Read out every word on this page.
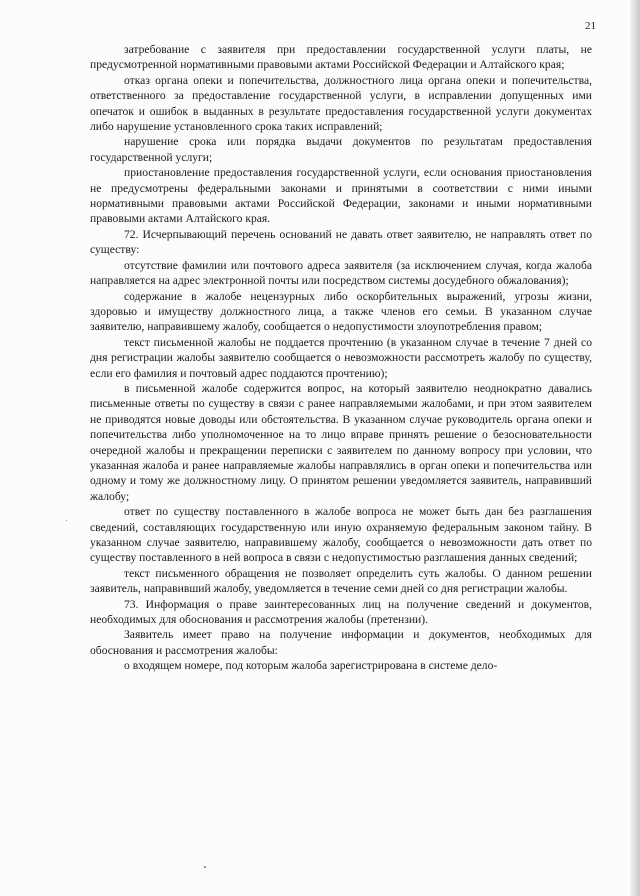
21

затребование с заявителя при предоставлении государственной услуги платы, не предусмотренной нормативными правовыми актами Российской Федерации и Алтайского края;

отказ органа опеки и попечительства, должностного лица органа опеки и попечительства, ответственного за предоставление государственной услуги, в исправлении допущенных ими опечаток и ошибок в выданных в результате предоставления государственной услуги документах либо нарушение установленного срока таких исправлений;

нарушение срока или порядка выдачи документов по результатам предоставления государственной услуги;

приостановление предоставления государственной услуги, если основания приостановления не предусмотрены федеральными законами и принятыми в соответствии с ними иными нормативными правовыми актами Российской Федерации, законами и иными нормативными правовыми актами Алтайского края.

72. Исчерпывающий перечень оснований не давать ответ заявителю, не направлять ответ по существу:

отсутствие фамилии или почтового адреса заявителя (за исключением случая, когда жалоба направляется на адрес электронной почты или посредством системы досудебного обжалования);

содержание в жалобе нецензурных либо оскорбительных выражений, угрозы жизни, здоровью и имуществу должностного лица, а также членов его семьи. В указанном случае заявителю, направившему жалобу, сообщается о недопустимости злоупотребления правом;

текст письменной жалобы не поддается прочтению (в указанном случае в течение 7 дней со дня регистрации жалобы заявителю сообщается о невозможности рассмотреть жалобу по существу, если его фамилия и почтовый адрес поддаются прочтению);

в письменной жалобе содержится вопрос, на который заявителю неоднократно давались письменные ответы по существу в связи с ранее направляемыми жалобами, и при этом заявителем не приводятся новые доводы или обстоятельства. В указанном случае руководитель органа опеки и попечительства либо уполномоченное на то лицо вправе принять решение о безосновательности очередной жалобы и прекращении переписки с заявителем по данному вопросу при условии, что указанная жалоба и ранее направляемые жалобы направлялись в орган опеки и попечительства или одному и тому же должностному лицу. О принятом решении уведомляется заявитель, направивший жалобу;

ответ по существу поставленного в жалобе вопроса не может быть дан без разглашения сведений, составляющих государственную или иную охраняемую федеральным законом тайну. В указанном случае заявителю, направившему жалобу, сообщается о невозможности дать ответ по существу поставленного в ней вопроса в связи с недопустимостью разглашения данных сведений;

текст письменного обращения не позволяет определить суть жалобы. О данном решении заявитель, направивший жалобу, уведомляется в течение семи дней со дня регистрации жалобы.

73. Информация о праве заинтересованных лиц на получение сведений и документов, необходимых для обоснования и рассмотрения жалобы (претензии).

Заявитель имеет право на получение информации и документов, необходимых для обоснования и рассмотрения жалобы:

о входящем номере, под которым жалоба зарегистрирована в системе дело-
